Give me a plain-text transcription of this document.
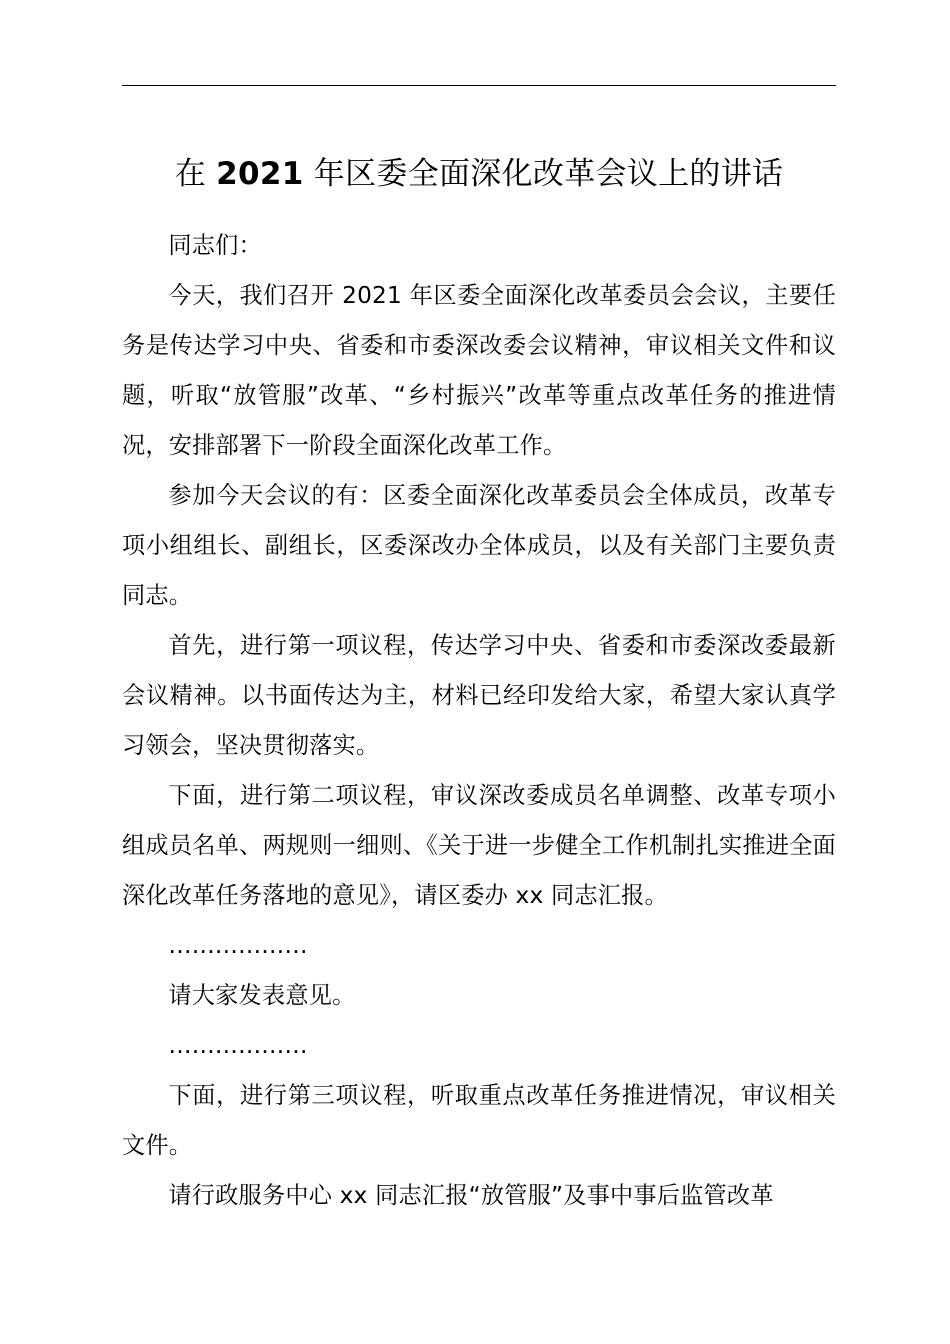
在 2021 年区委全面深化改革会议上的讲话

同志们：

今天，我们召开 2021 年区委全面深化改革委员会会议，主要任务是传达学习中央、省委和市委深改委会议精神，审议相关文件和议题，听取“放管服”改革、“乡村振兴”改革等重点改革任务的推进情况，安排部署下一阶段全面深化改革工作。

参加今天会议的有：区委全面深化改革委员会全体成员，改革专项小组组长、副组长，区委深改办全体成员，以及有关部门主要负责同志。

首先，进行第一项议程，传达学习中央、省委和市委深改委最新会议精神。以书面传达为主，材料已经印发给大家，希望大家认真学习领会，坚决贯彻落实。

下面，进行第二项议程，审议深改委成员名单调整、改革专项小组成员名单、两规则一细则、《关于进一步健全工作机制扎实推进全面深化改革任务落地的意见》，请区委办 xx 同志汇报。

………………

请大家发表意见。

………………

下面，进行第三项议程，听取重点改革任务推进情况，审议相关文件。

请行政服务中心 xx 同志汇报“放管服”及事中事后监管改革
